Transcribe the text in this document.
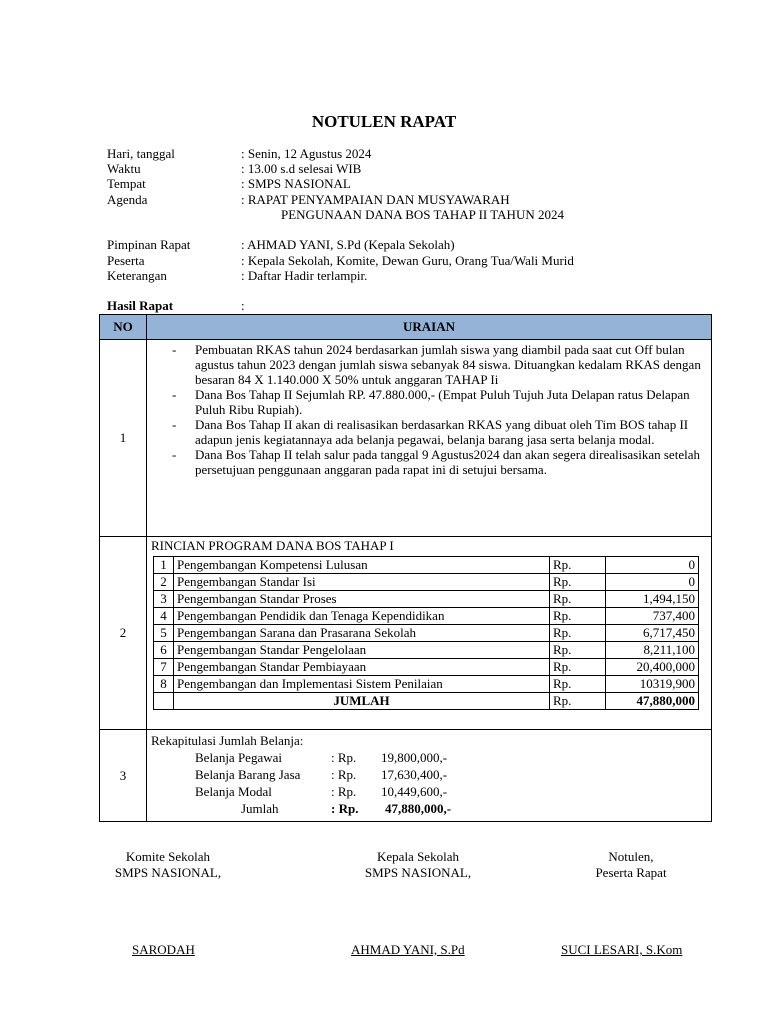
NOTULEN RAPAT
Hari, tanggal	: Senin, 12 Agustus 2024
Waktu	: 13.00 s.d selesai WIB
Tempat	: SMPS NASIONAL
Agenda	: RAPAT PENYAMPAIAN DAN MUSYAWARAH
PENGUNAAN DANA BOS TAHAP II TAHUN 2024
Pimpinan Rapat	: AHMAD YANI, S.Pd (Kepala Sekolah)
Peserta	: Kepala Sekolah, Komite, Dewan Guru, Orang Tua/Wali Murid
Keterangan	: Daftar Hadir terlampir.
Hasil Rapat	:
NO	URAIAN
1	
- Pembuatan RKAS tahun 2024 berdasarkan jumlah siswa yang diambil pada saat cut Off bulan agustus tahun 2023 dengan jumlah siswa sebanyak 84 siswa. Dituangkan kedalam RKAS dengan besaran 84 X 1.140.000 X 50% untuk anggaran TAHAP Ii
- Dana Bos Tahap II Sejumlah RP. 47.880.000,- (Empat Puluh Tujuh Juta Delapan ratus Delapan Puluh Ribu Rupiah).
- Dana Bos Tahap II akan di realisasikan berdasarkan RKAS yang dibuat oleh Tim BOS tahap II adapun jenis kegiatannaya ada belanja pegawai, belanja barang jasa serta belanja modal.
- Dana Bos Tahap II telah salur pada tanggal 9 Agustus2024 dan akan segera direalisasikan setelah persetujuan penggunaan anggaran pada rapat ini di setujui bersama.

2	
RINCIAN PROGRAM DANA BOS TAHAP I
1	Pengembangan Kompetensi Lulusan	Rp.	0
2	Pengembangan Standar Isi	Rp.	0
3	Pengembangan Standar Proses	Rp.	1,494,150
4	Pengembangan Pendidik dan Tenaga Kependidikan	Rp.	737,400
5	Pengembangan Sarana dan Prasarana Sekolah	Rp.	6,717,450
6	Pengembangan Standar Pengelolaan	Rp.	8,211,100
7	Pengembangan Standar Pembiayaan	Rp.	20,400,000
8	Pengembangan dan Implementasi Sistem Penilaian	Rp.	10319,900
	JUMLAH	Rp.	47,880,000

3	
Rekapitulasi Jumlah Belanja:
Belanja Pegawai	: Rp. 19,800,000,-
Belanja Barang Jasa : Rp. 17,630,400,-
Belanja Modal	: Rp. 10,449,600,-
Jumlah	: Rp. 47,880,000,-
Komite Sekolah
SMPS NASIONAL,
Kepala Sekolah
SMPS NASIONAL,
Notulen,
Peserta Rapat
SARODAH	AHMAD YANI, S.Pd	SUCI LESARI, S.Kom
